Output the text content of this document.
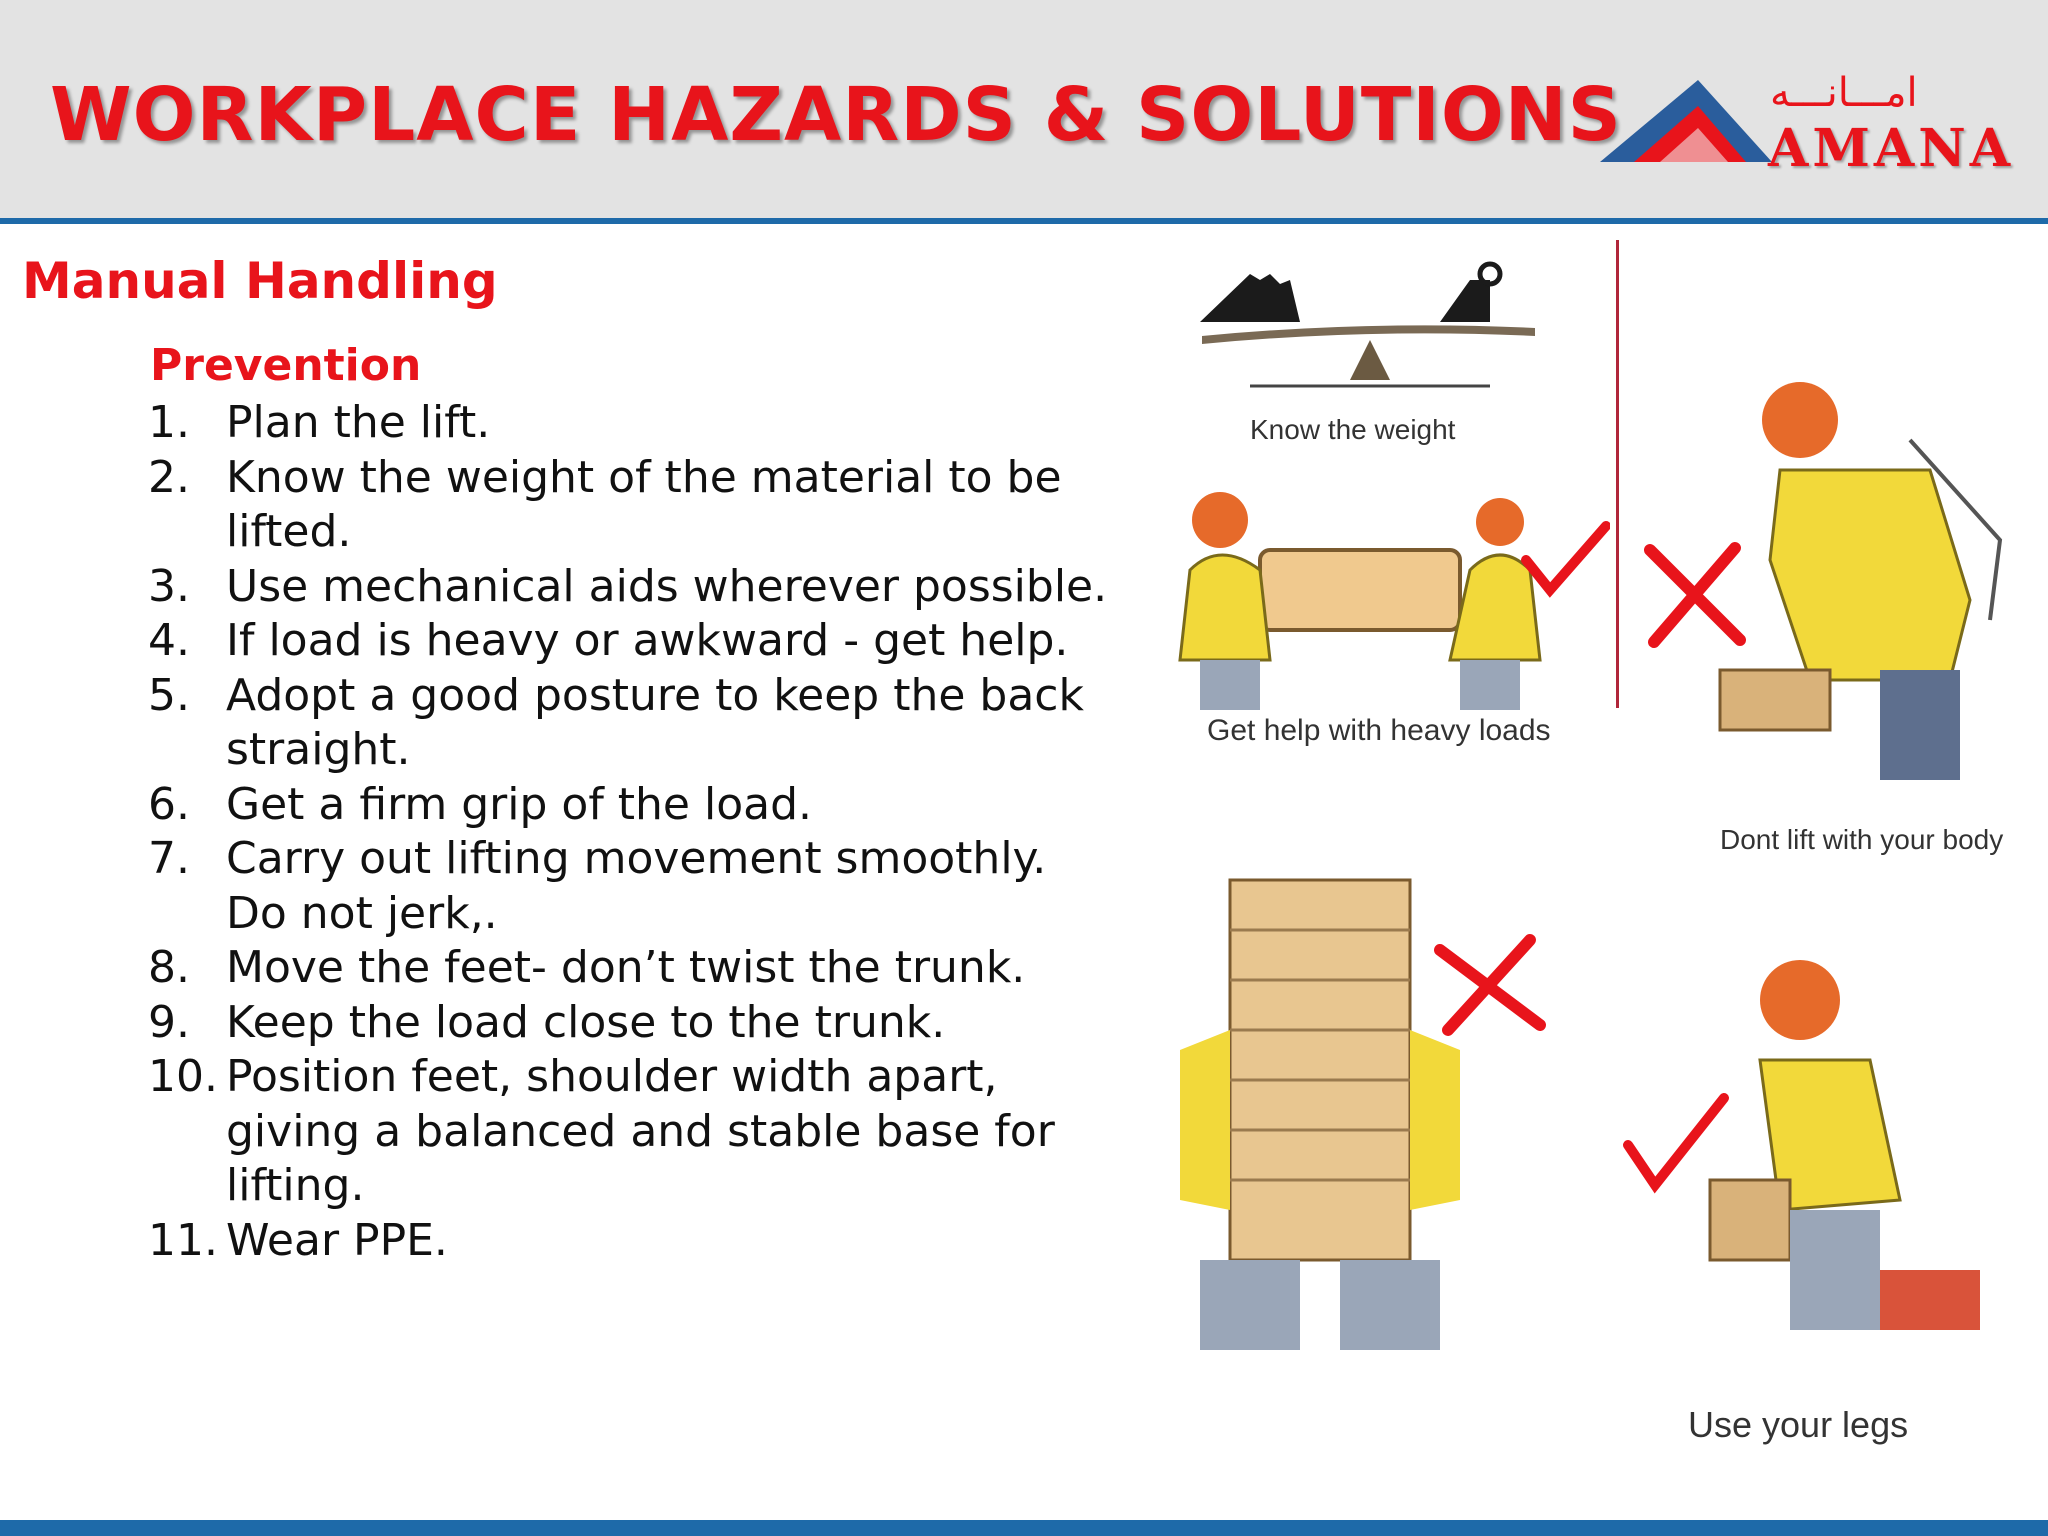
WORKPLACE HAZARDS & SOLUTIONS	امـــانـــه
AMANA
Manual Handling
Prevention
1. Plan the lift.
2. Know the weight of the material to be lifted.
3. Use mechanical aids wherever possible.
4. If load is heavy or awkward - get help.
5. Adopt a good posture to keep the back straight.
6. Get a firm grip of the load.
7. Carry out lifting movement smoothly. Do not jerk,.
8. Move the feet- don’t twist the trunk.
9. Keep the load close to the trunk.
10. Position feet, shoulder width apart, giving a balanced and stable base for lifting.
11. Wear PPE.
Know the weight
Get help with heavy loads
Dont lift with your body
Use your legs
